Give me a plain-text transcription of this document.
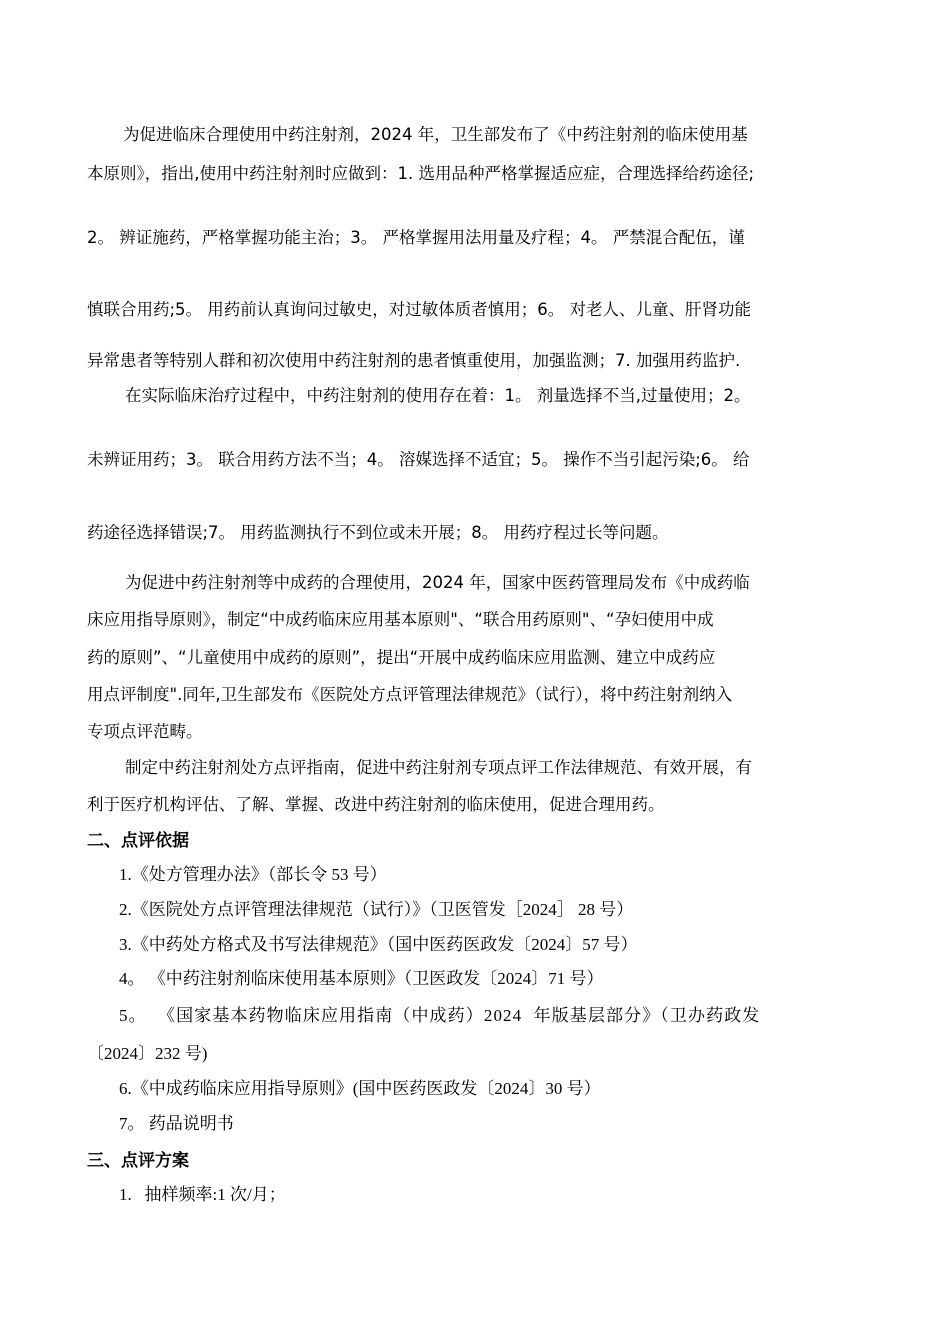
为促进临床合理使用中药注射剂，2024 年，卫生部发布了《中药注射剂的临床使用基
本原则》，指出,使用中药注射剂时应做到：1. 选用品种严格掌握适应症，合理选择给药途径;
2。 辨证施药，严格掌握功能主治；3。 严格掌握用法用量及疗程；4。 严禁混合配伍，谨
慎联合用药;5。 用药前认真询问过敏史，对过敏体质者慎用；6。 对老人、儿童、肝肾功能
异常患者等特别人群和初次使用中药注射剂的患者慎重使用，加强监测；7. 加强用药监护.
在实际临床治疗过程中，中药注射剂的使用存在着：1。 剂量选择不当,过量使用；2。
未辨证用药；3。 联合用药方法不当；4。 溶媒选择不适宜；5。 操作不当引起污染;6。 给
药途径选择错误;7。 用药监测执行不到位或未开展；8。 用药疗程过长等问题。
为促进中药注射剂等中成药的合理使用，2024 年，国家中医药管理局发布《中成药临
床应用指导原则》，制定“中成药临床应用基本原则"、“联合用药原则"、“孕妇使用中成
药的原则”、“儿童使用中成药的原则”，提出“开展中成药临床应用监测、建立中成药应
用点评制度".同年,卫生部发布《医院处方点评管理法律规范》（试行），将中药注射剂纳入
专项点评范畴。
制定中药注射剂处方点评指南，促进中药注射剂专项点评工作法律规范、有效开展，有
利于医疗机构评估、了解、掌握、改进中药注射剂的临床使用，促进合理用药。
二、点评依据
1.《处方管理办法》（部长令 53 号）
2.《医院处方点评管理法律规范（试行）》（卫医管发［2024］ 28 号）
3.《中药处方格式及书写法律规范》（国中医药医政发〔2024〕57 号）
4。 《中药注射剂临床使用基本原则》（卫医政发〔2024〕71 号）
5。 《国家基本药物临床应用指南（中成药）2024 年版基层部分》（卫办药政发
〔2024〕232 号)
6.《中成药临床应用指导原则》(国中医药医政发〔2024〕30 号）
7。 药品说明书
三、点评方案
1.   抽样频率:1 次/月；
